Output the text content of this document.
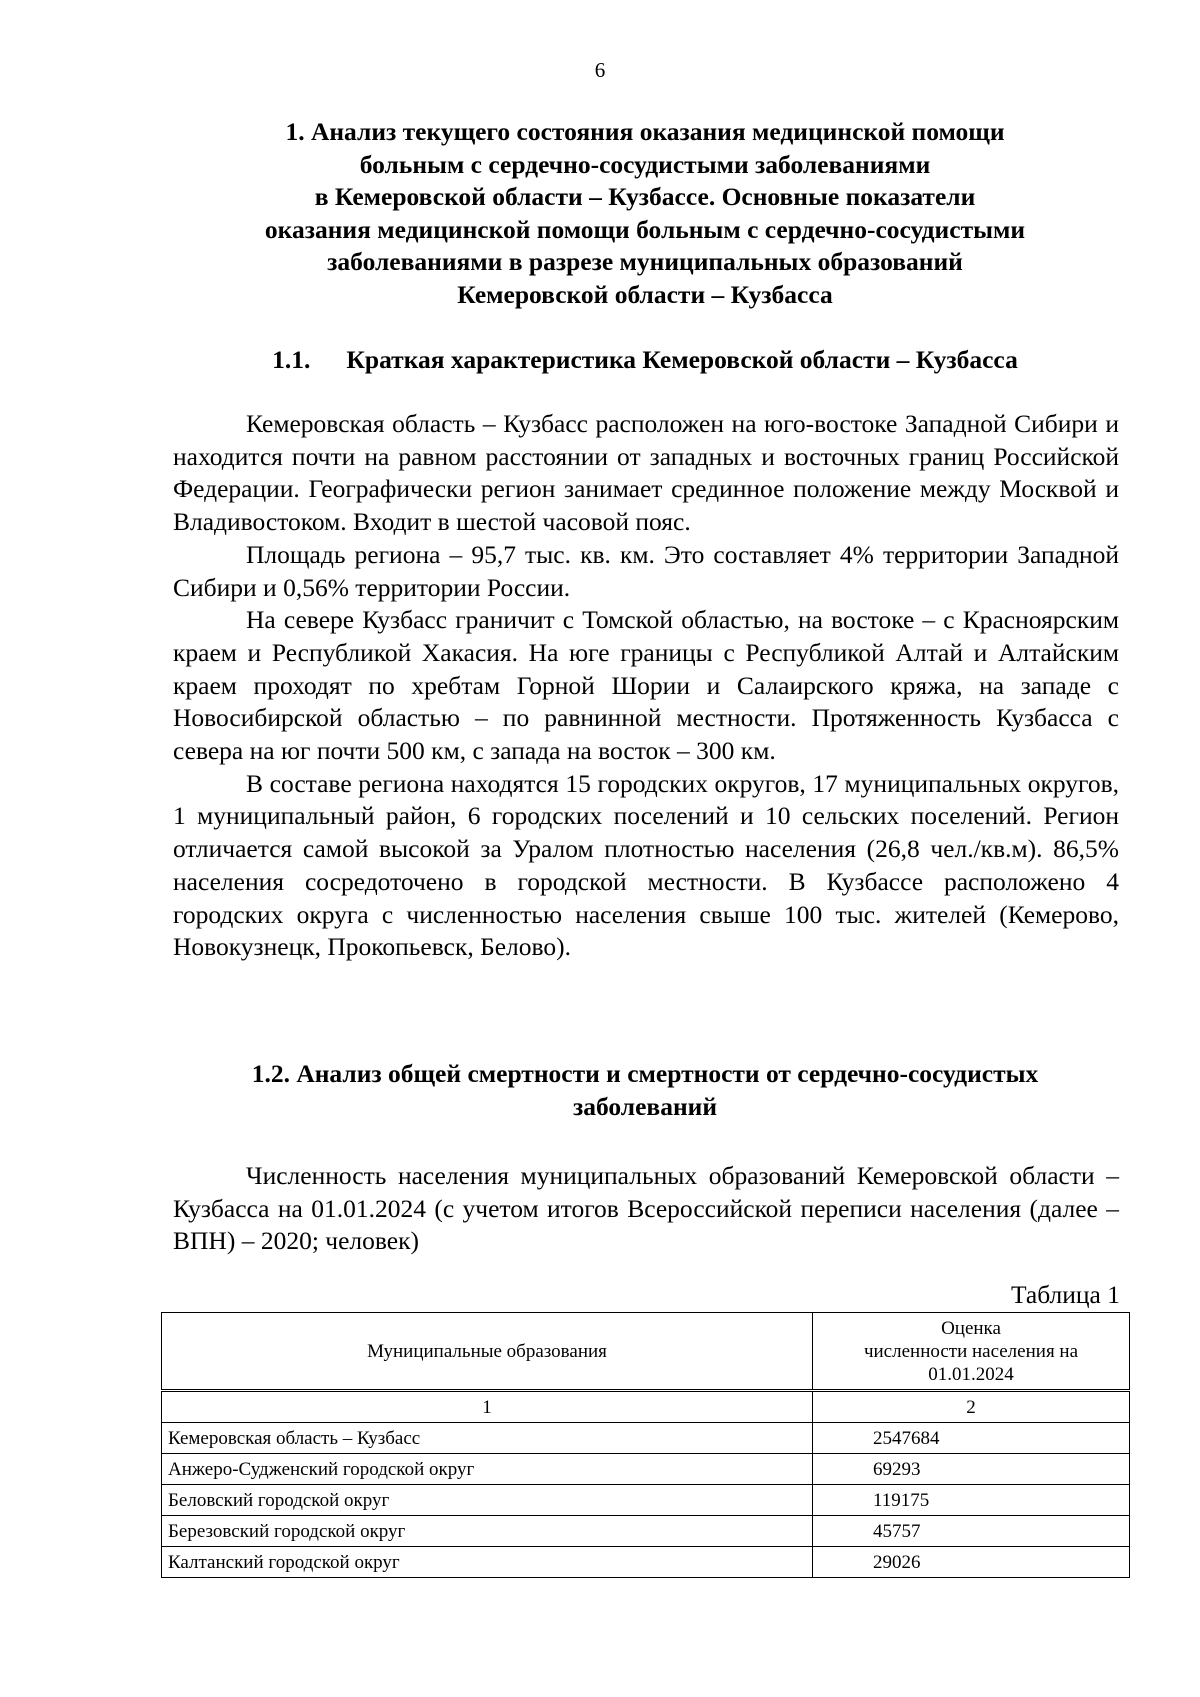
6
1. Анализ текущего состояния оказания медицинской помощи
больным с сердечно-сосудистыми заболеваниями
в Кемеровской области – Кузбассе. Основные показатели
оказания медицинской помощи больным с сердечно-сосудистыми
заболеваниями в разрезе муниципальных образований
Кемеровской области – Кузбасса
1.1. Краткая характеристика Кемеровской области – Кузбасса

Кемеровская область – Кузбасс расположен на юго-востоке Западной Сибири и находится почти на равном расстоянии от западных и восточных границ Российской Федерации. Географически регион занимает срединное положение между Москвой и Владивостоком. Входит в шестой часовой пояс.

Площадь региона – 95,7 тыс. кв. км. Это составляет 4% территории Западной Сибири и 0,56% территории России.

На севере Кузбасс граничит с Томской областью, на востоке – с Красноярским краем и Республикой Хакасия. На юге границы с Республикой Алтай и Алтайским краем проходят по хребтам Горной Шории и Салаирского кряжа, на западе с Новосибирской областью – по равнинной местности. Протяженность Кузбасса с севера на юг почти 500 км, с запада на восток – 300 км.

В составе региона находятся 15 городских округов, 17 муниципальных округов, 1 муниципальный район, 6 городских поселений и 10 сельских поселений. Регион отличается самой высокой за Уралом плотностью населения (26,8 чел./кв.м). 86,5% населения сосредоточено в городской местности. В Кузбассе расположено 4 городских округа с численностью населения свыше 100 тыс. жителей (Кемерово, Новокузнецк, Прокопьевск, Белово).

1.2. Анализ общей смертности и смертности от сердечно-сосудистых
заболеваний

Численность населения муниципальных образований Кемеровской области – Кузбасса на 01.01.2024 (с учетом итогов Всероссийской переписи населения (далее – ВПН) – 2020; человек)

Таблица 1
Муниципальные образования	Оценка
численности населения на
01.01.2024

1	2
Кемеровская область – Кузбасс	2547684
Анжеро-Судженский городской округ	69293
Беловский городской округ	119175
Березовский городской округ	45757
Калтанский городской округ	29026
